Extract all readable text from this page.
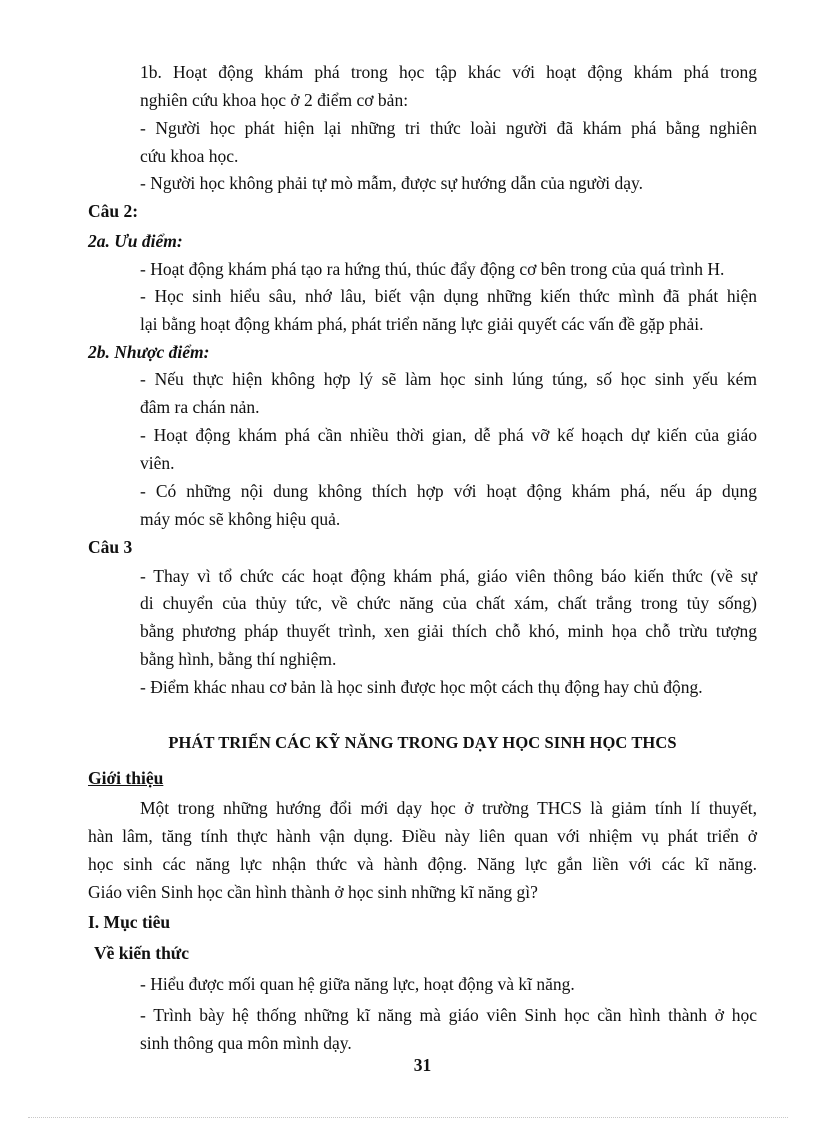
1b. Hoạt động khám phá trong học tập khác với hoạt động khám phá trong
nghiên cứu khoa học ở 2 điểm cơ bản:
- Người học phát hiện lại những tri thức loài người đã khám phá bằng nghiên
cứu khoa học.
- Người học không phải tự mò mẫm, được sự hướng dẫn của người dạy.
Câu 2:
2a. Ưu điểm:
- Hoạt động khám phá tạo ra hứng thú, thúc đẩy động cơ bên trong của quá trình H.
- Học sinh hiểu sâu, nhớ lâu, biết vận dụng những kiến thức mình đã phát hiện
lại bằng hoạt động khám phá, phát triển năng lực giải quyết các vấn đề gặp phải.
2b. Nhược điểm:
- Nếu thực hiện không hợp lý sẽ làm học sinh lúng túng, số học sinh yếu kém
đâm ra chán nản.
- Hoạt động khám phá cần nhiều thời gian, dễ phá vỡ kế hoạch dự kiến của giáo
viên.
- Có những nội dung không thích hợp với hoạt động khám phá, nếu áp dụng
máy móc sẽ không hiệu quả.
Câu 3
- Thay vì tổ chức các hoạt động khám phá, giáo viên thông báo kiến thức (về sự
di chuyển của thủy tức, về chức năng của chất xám, chất trắng trong tủy sống)
bằng phương pháp thuyết trình, xen giải thích chỗ khó, minh họa chỗ trừu tượng
bằng hình, bằng thí nghiệm.
- Điểm khác nhau cơ bản là học sinh được học một cách thụ động hay chủ động.
PHÁT TRIỂN CÁC KỸ NĂNG TRONG DẠY HỌC SINH HỌC THCS
Giới thiệu
Một trong những hướng đổi mới dạy học ở trường THCS là giảm tính lí thuyết,
hàn lâm, tăng tính thực hành vận dụng. Điều này liên quan với nhiệm vụ phát triển ở
học sinh các năng lực nhận thức và hành động. Năng lực gắn liền với các kĩ năng.
Giáo viên Sinh học cần hình thành ở học sinh những kĩ năng gì?
I. Mục tiêu
Về kiến thức
- Hiểu được mối quan hệ giữa năng lực, hoạt động và kĩ năng.
- Trình bày hệ thống những kĩ năng mà giáo viên Sinh học cần hình thành ở học
sinh thông qua môn mình dạy.
31
